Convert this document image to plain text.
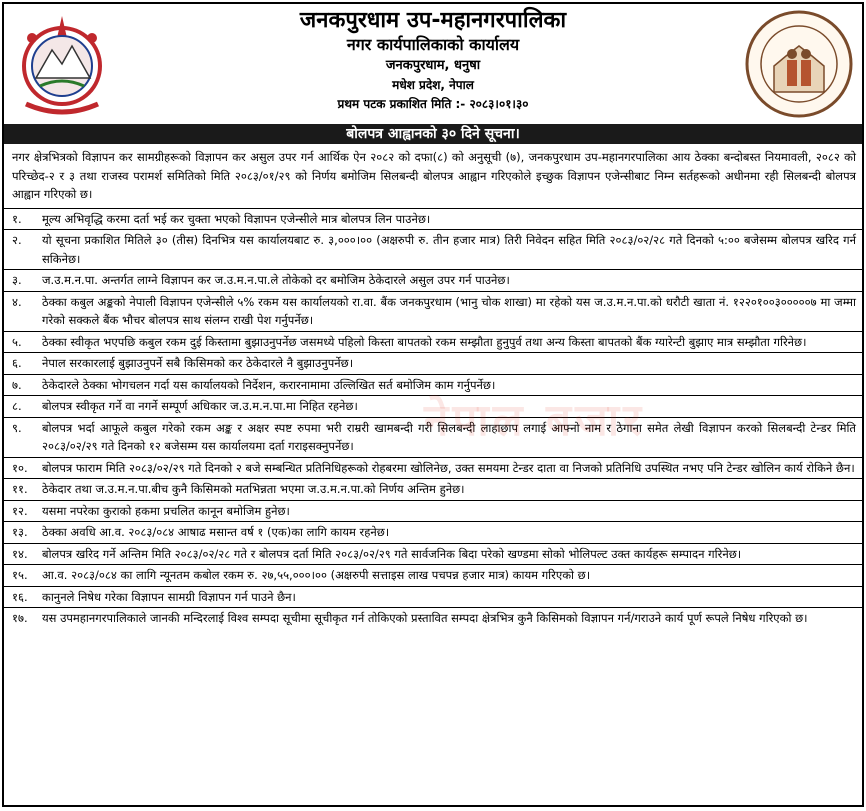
जनकपुरधाम उप-महानगरपालिका
नगर कार्यपालिकाको कार्यालय
जनकपुरधाम, धनुषा
मधेश प्रदेश, नेपाल
प्रथम पटक प्रकाशित मिति :- २०८३।०१।३०
बोलपत्र आह्वानको ३० दिने सूचना।
नगर क्षेत्रभित्रको विज्ञापन कर सामग्रीहरूको विज्ञापन कर असुल उपर गर्न आर्थिक ऐन २०८२ को दफा(८) को अनुसूची (७), जनकपुरधाम उप-महानगरपालिका आय ठेक्का बन्दोबस्त नियमावली, २०८२ को परिच्छेद-२ र ३ तथा राजस्व परामर्श समितिको मिति २०८३/०१/२९ को निर्णय बमोजिम सिलबन्दी बोलपत्र आह्वान गरिएकोले इच्छुक विज्ञापन एजेन्सीबाट निम्न सर्तहरूको अधीनमा रही सिलबन्दी बोलपत्र आह्वान गरिएको छ।
१.	मूल्य अभिवृद्धि करमा दर्ता भई कर चुक्ता भएको विज्ञापन एजेन्सीले मात्र बोलपत्र लिन पाउनेछ।
२.	यो सूचना प्रकाशित मितिले ३० (तीस) दिनभित्र यस कार्यालयबाट रु. ३,०००।०० (अक्षरुपी रु. तीन हजार मात्र) तिरी निवेदन सहित मिति २०८३/०२/२८ गते दिनको ५:०० बजेसम्म बोलपत्र खरिद गर्न सकिनेछ।
३.	ज.उ.म.न.पा. अन्तर्गत लाग्ने विज्ञापन कर ज.उ.म.न.पा.ले तोकेको दर बमोजिम ठेकेदारले असुल उपर गर्न पाउनेछ।
४.	ठेक्का कबुल अङ्कको नेपाली विज्ञापन एजेन्सीले ५% रकम यस कार्यालयको रा.वा. बैंक जनकपुरधाम (भानु चोक शाखा) मा रहेको यस ज.उ.म.न.पा.को धरौटी खाता नं. १२२०१००३०००००७ मा जम्मा गरेको सक्कले बैंक भौचर बोलपत्र साथ संलग्न राखी पेश गर्नुपर्नेछ।
५.	ठेक्का स्वीकृत भएपछि कबुल रकम दुई किस्तामा बुझाउनुपर्नेछ जसमध्ये पहिलो किस्ता बापतको रकम सम्झौता हुनुपुर्व तथा अन्य किस्ता बापतको बैंक ग्यारेन्टी बुझाए मात्र सम्झौता गरिनेछ।
६.	नेपाल सरकारलाई बुझाउनुपर्ने सबै किसिमको कर ठेकेदारले नै बुझाउनुपर्नेछ।
७.	ठेकेदारले ठेक्का भोगचलन गर्दा यस कार्यालयको निर्देशन, करारनामामा उल्लिखित सर्त बमोजिम काम गर्नुपर्नेछ।
८.	बोलपत्र स्वीकृत गर्ने वा नगर्ने सम्पूर्ण अधिकार ज.उ.म.न.पा.मा निहित रहनेछ।
९.	बोलपत्र भर्दा आफूले कबुल गरेको रकम अङ्क र अक्षर स्पष्ट रुपमा भरी राम्ररी खामबन्दी गरी सिलबन्दी लाहाछाप लगाई आफ्नो नाम र ठेगाना समेत लेखी विज्ञापन करको सिलबन्दी टेन्डर मिति २०८३/०२/२९ गते दिनको १२ बजेसम्म यस कार्यालयमा दर्ता गराइसक्नुपर्नेछ।
१०.	बोलपत्र फाराम मिति २०८३/०२/२९ गते दिनको २ बजे सम्बन्धित प्रतिनिधिहरूको रोहबरमा खोलिनेछ, उक्त समयमा टेन्डर दाता वा निजको प्रतिनिधि उपस्थित नभए पनि टेन्डर खोलिन कार्य रोकिने छैन।
११.	ठेकेदार तथा ज.उ.म.न.पा.बीच कुनै किसिमको मतभिन्नता भएमा ज.उ.म.न.पा.को निर्णय अन्तिम हुनेछ।
१२.	यसमा नपरेका कुराको हकमा प्रचलित कानून बमोजिम हुनेछ।
१३.	ठेक्का अवधि आ.व. २०८३/०८४ आषाढ मसान्त वर्ष १ (एक)का लागि कायम रहनेछ।
१४.	बोलपत्र खरिद गर्ने अन्तिम मिति २०८३/०२/२८ गते र बोलपत्र दर्ता मिति २०८३/०२/२९ गते सार्वजनिक बिदा परेको खण्डमा सोको भोलिपल्ट उक्त कार्यहरू सम्पादन गरिनेछ।
१५.	आ.व. २०८३/०८४ का लागि न्यूनतम कबोल रकम रु. २७,५५,०००।०० (अक्षरुपी सत्ताइस लाख पचपन्न हजार मात्र) कायम गरिएको छ।
१६.	कानुनले निषेध गरेका विज्ञापन सामग्री विज्ञापन गर्न पाउने छैन।
१७.	यस उपमहानगरपालिकाले जानकी मन्दिरलाई विश्व सम्पदा सूचीमा सूचीकृत गर्न तोकिएको प्रस्तावित सम्पदा क्षेत्रभित्र कुनै किसिमको विज्ञापन गर्न/गराउने कार्य पूर्ण रूपले निषेध गरिएको छ।
नेपाल बजार
